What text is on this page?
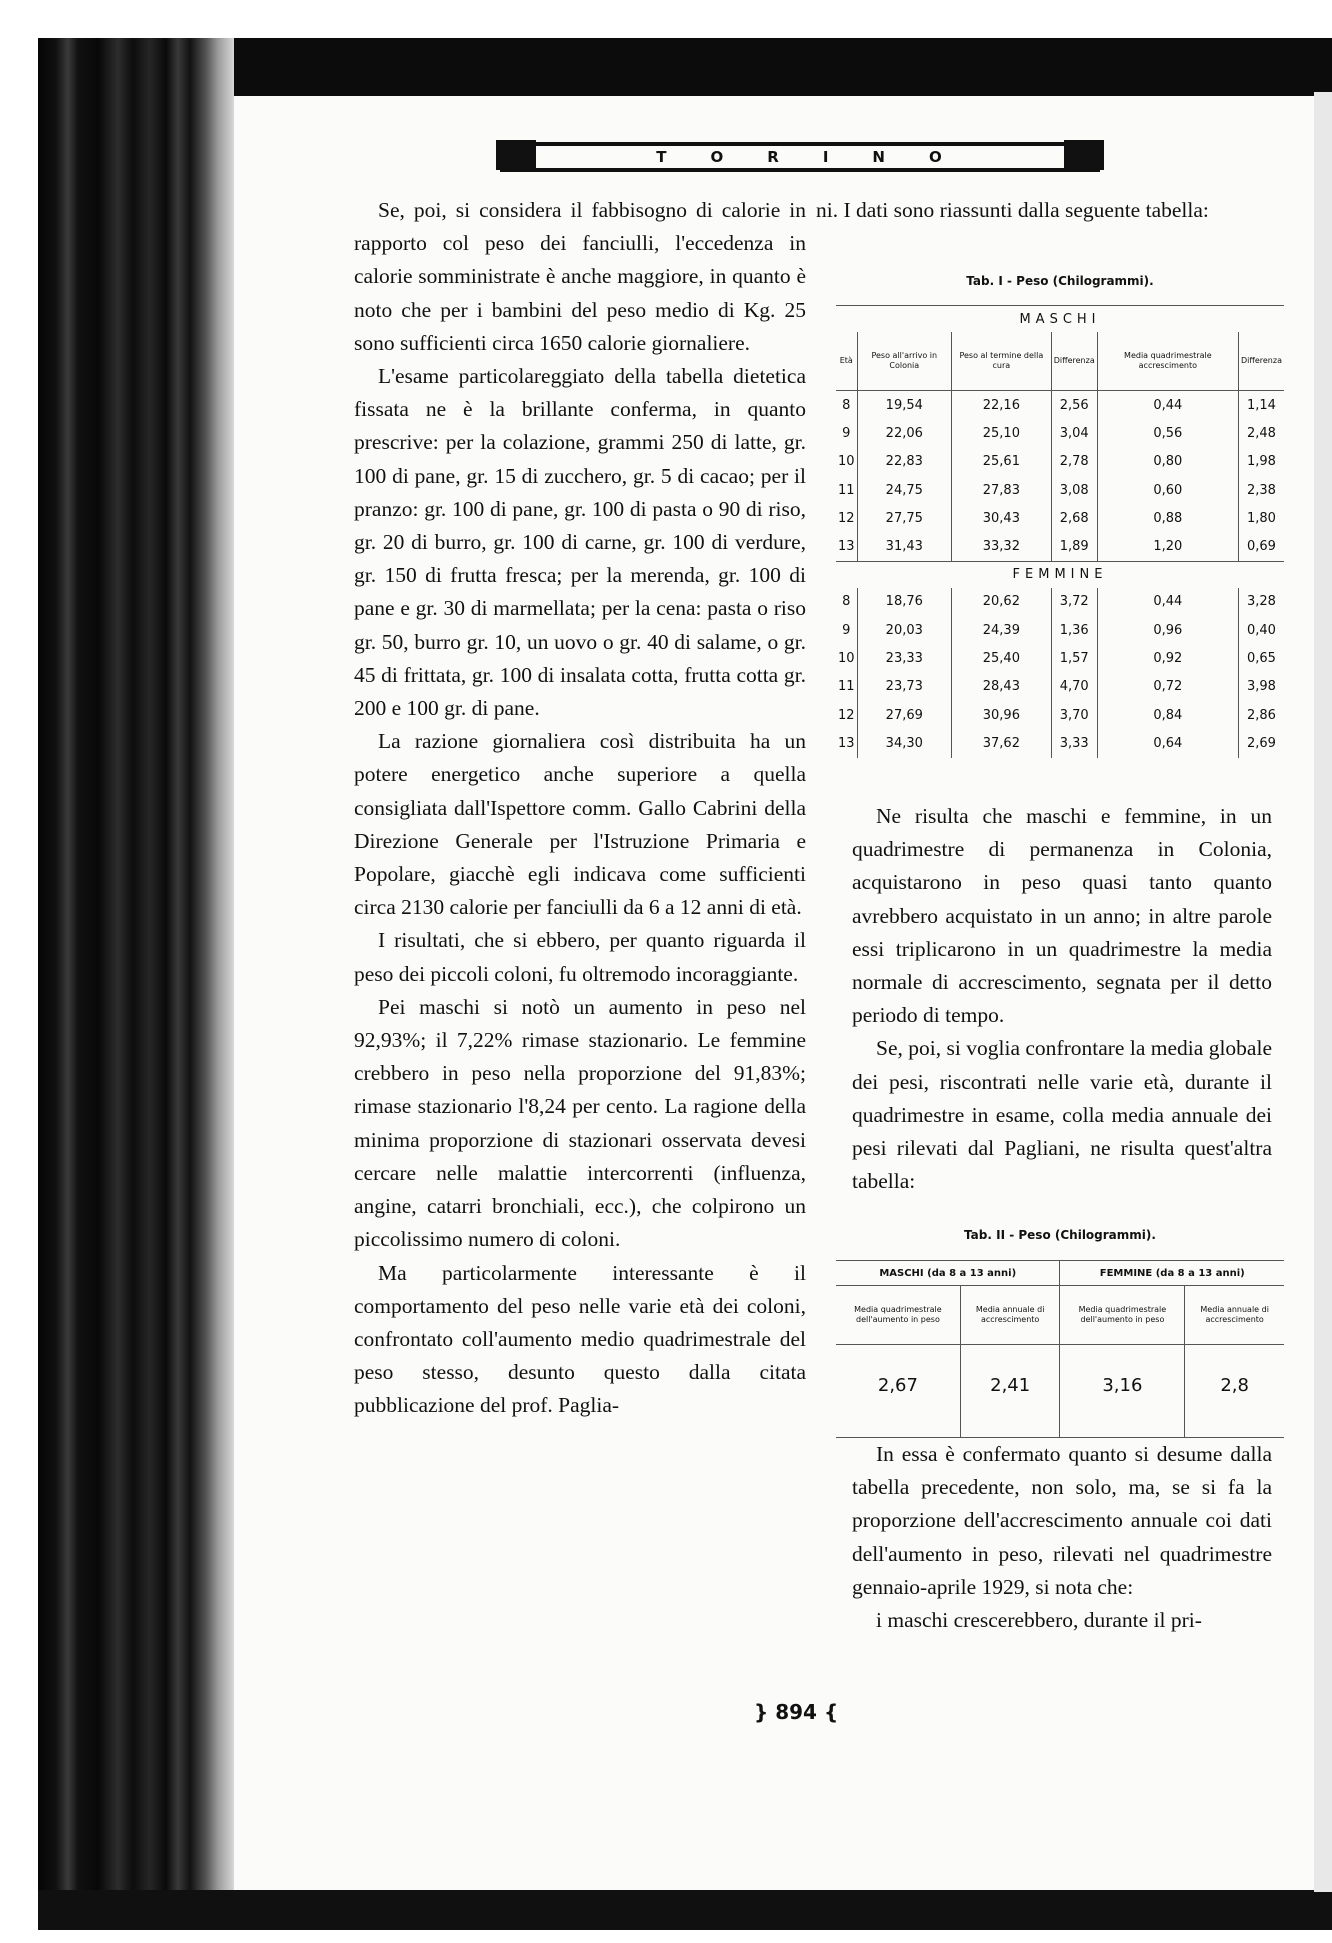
T	O	R	I	N	O

Se, poi, si considera il fabbisogno di calorie in rapporto col peso dei fanciulli, l'eccedenza in calorie somministrate è anche maggiore, in quanto è noto che per i bambini del peso medio di Kg. 25 sono sufficienti circa 1650 calorie giornaliere.

L'esame particolareggiato della tabella dietetica fissata ne è la brillante conferma, in quanto prescrive: per la colazione, grammi 250 di latte, gr. 100 di pane, gr. 15 di zucchero, gr. 5 di cacao; per il pranzo: gr. 100 di pane, gr. 100 di pasta o 90 di riso, gr. 20 di burro, gr. 100 di carne, gr. 100 di verdure, gr. 150 di frutta fresca; per la merenda, gr. 100 di pane e gr. 30 di marmellata; per la cena: pasta o riso gr. 50, burro gr. 10, un uovo o gr. 40 di salame, o gr. 45 di frittata, gr. 100 di insalata cotta, frutta cotta gr. 200 e 100 gr. di pane.

La razione giornaliera così distribuita ha un potere energetico anche superiore a quella consigliata dall'Ispettore comm. Gallo Cabrini della Direzione Generale per l'Istruzione Primaria e Popolare, giacchè egli indicava come sufficienti circa 2130 calorie per fanciulli da 6 a 12 anni di età.

I risultati, che si ebbero, per quanto riguarda il peso dei piccoli coloni, fu oltremodo incoraggiante.

Pei maschi si notò un aumento in peso nel 92,93%; il 7,22% rimase stazionario. Le femmine crebbero in peso nella proporzione del 91,83%; rimase stazionario l'8,24 per cento. La ragione della minima proporzione di stazionari osservata devesi cercare nelle malattie intercorrenti (influenza, angine, catarri bronchiali, ecc.), che colpirono un piccolissimo numero di coloni.

Ma particolarmente interessante è il comportamento del peso nelle varie età dei coloni, confrontato coll'aumento medio quadrimestrale del peso stesso, desunto questo dalla citata pubblicazione del prof. Paglia-

ni. I dati sono riassunti dalla seguente tabella:

Tab. I - Peso (Chilogrammi).
MASCHI					
Età	Peso all'arrivo in Colonia	Peso al termine della cura	Differenza	Media quadrimestrale accrescimento	Differenza
8	19,54	22,16	2,56	0,44	1,14
9	22,06	25,10	3,04	0,56	2,48
10	22,83	25,61	2,78	0,80	1,98
11	24,75	27,83	3,08	0,60	2,38
12	27,75	30,43	2,68	0,88	1,80
13	31,43	33,32	1,89	1,20	0,69
FEMMINE					
8	18,76	20,62	3,72	0,44	3,28
9	20,03	24,39	1,36	0,96	0,40
10	23,33	25,40	1,57	0,92	0,65
11	23,73	28,43	4,70	0,72	3,98
12	27,69	30,96	3,70	0,84	2,86
13	34,30	37,62	3,33	0,64	2,69

Ne risulta che maschi e femmine, in un quadrimestre di permanenza in Colonia, acquistarono in peso quasi tanto quanto avrebbero acquistato in un anno; in altre parole essi triplicarono in un quadrimestre la media normale di accrescimento, segnata per il detto periodo di tempo.

Se, poi, si voglia confrontare la media globale dei pesi, riscontrati nelle varie età, durante il quadrimestre in esame, colla media annuale dei pesi rilevati dal Pagliani, ne risulta quest'altra tabella:

Tab. II - Peso (Chilogrammi).
MASCHI (da 8 a 13 anni)		FEMMINE (da 8 a 13 anni)	
Media quadrimestrale dell'aumento in peso	Media annuale di accrescimento	Media quadrimestrale dell'aumento in peso	Media annuale di accrescimento
2,67	2,41	3,16	2,8

In essa è confermato quanto si desume dalla tabella precedente, non solo, ma, se si fa la proporzione dell'accrescimento annuale coi dati dell'aumento in peso, rilevati nel quadrimestre gennaio-aprile 1929, si nota che:

i maschi crescerebbero, durante il pri-

} 894 {
